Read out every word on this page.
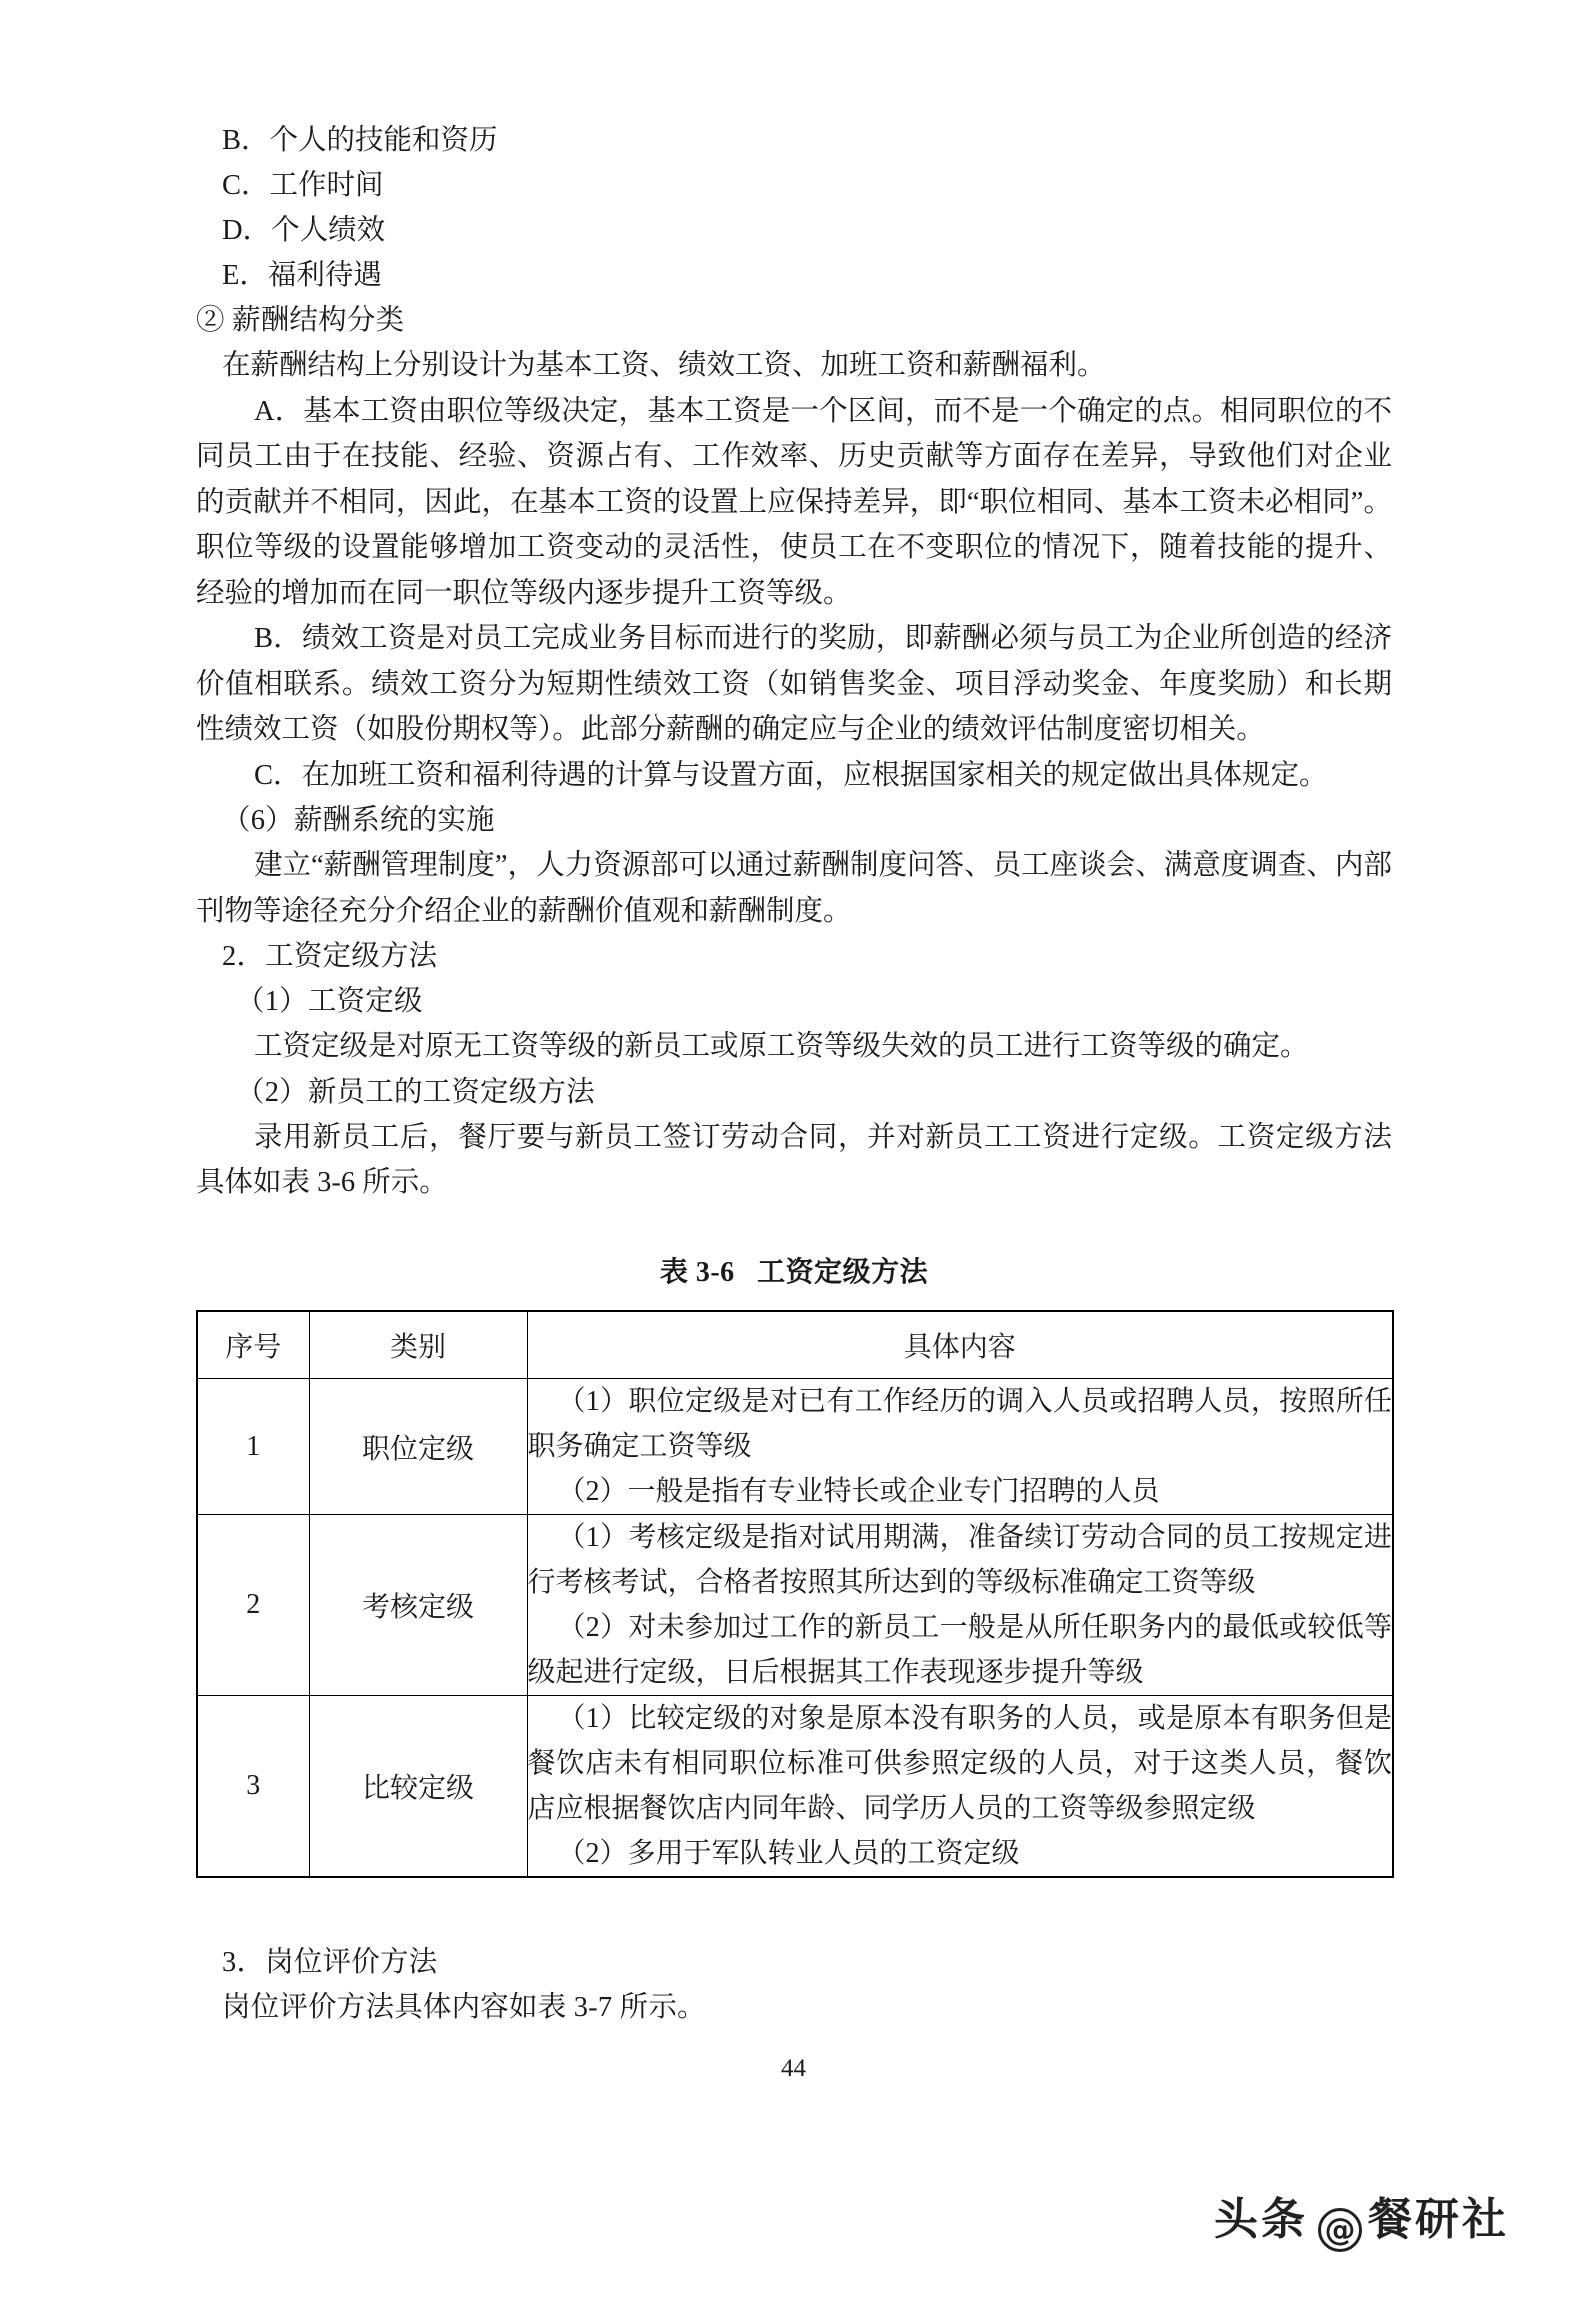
B．个人的技能和资历
C．工作时间
D．个人绩效
E．福利待遇
② 薪酬结构分类
在薪酬结构上分别设计为基本工资、绩效工资、加班工资和薪酬福利。

A．基本工资由职位等级决定，基本工资是一个区间，而不是一个确定的点。相同职位的不同员工由于在技能、经验、资源占有、工作效率、历史贡献等方面存在差异，导致他们对企业的贡献并不相同，因此，在基本工资的设置上应保持差异，即“职位相同、基本工资未必相同”。职位等级的设置能够增加工资变动的灵活性，使员工在不变职位的情况下，随着技能的提升、经验的增加而在同一职位等级内逐步提升工资等级。

B．绩效工资是对员工完成业务目标而进行的奖励，即薪酬必须与员工为企业所创造的经济价值相联系。绩效工资分为短期性绩效工资（如销售奖金、项目浮动奖金、年度奖励）和长期性绩效工资（如股份期权等）。此部分薪酬的确定应与企业的绩效评估制度密切相关。

C．在加班工资和福利待遇的计算与设置方面，应根据国家相关的规定做出具体规定。

（6）薪酬系统的实施

建立“薪酬管理制度”，人力资源部可以通过薪酬制度问答、员工座谈会、满意度调查、内部刊物等途径充分介绍企业的薪酬价值观和薪酬制度。

2．工资定级方法
（1）工资定级

工资定级是对原无工资等级的新员工或原工资等级失效的员工进行工资等级的确定。

（2）新员工的工资定级方法

录用新员工后，餐厅要与新员工签订劳动合同，并对新员工工资进行定级。工资定级方法具体如表 3-6 所示。

表 3-6 工资定级方法
序号	类别	具体内容
1	职位定级	（1）职位定级是对已有工作经历的调入人员或招聘人员，按照所任职务确定工资等级

（2）一般是指有专业特长或企业专门招聘的人员

2	考核定级	（1）考核定级是指对试用期满，准备续订劳动合同的员工按规定进行考核考试，合格者按照其所达到的等级标准确定工资等级

（2）对未参加过工作的新员工一般是从所任职务内的最低或较低等级起进行定级，日后根据其工作表现逐步提升等级

3	比较定级	（1）比较定级的对象是原本没有职务的人员，或是原本有职务但是餐饮店未有相同职位标准可供参照定级的人员，对于这类人员，餐饮店应根据餐饮店内同年龄、同学历人员的工资等级参照定级

（2）多用于军队转业人员的工资定级

3．岗位评价方法
岗位评价方法具体内容如表 3-7 所示。
44

头条 @ 餐研社
